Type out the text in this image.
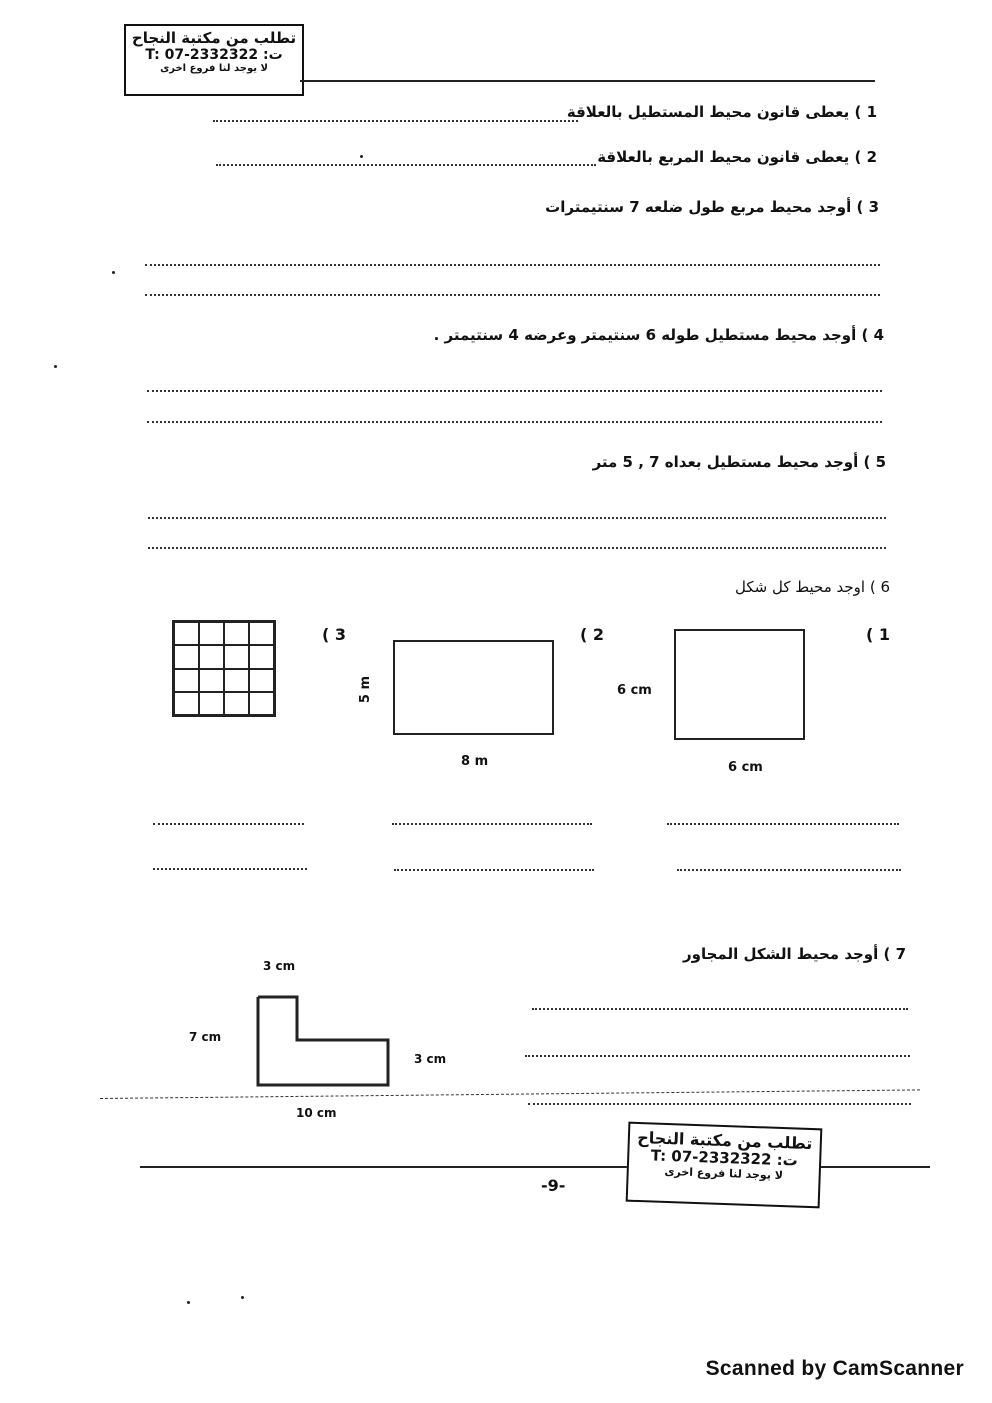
تطلب من مكتبة النجاح
T: 07-2332322 :ت
لا يوجد لنا فروع اخرى
1 ) يعطى قانون محيط المستطيل بالعلاقة
2 ) يعطى قانون محيط المربع بالعلاقة
3 ) أوجد محيط مربع طول ضلعه 7 سنتيمترات
4 ) أوجد محيط مستطيل طوله 6 سنتيمتر وعرضه 4 سنتيمتر .
5 ) أوجد محيط مستطيل بعداه 7 , 5 متر
6 ) اوجد محيط كل شكل
( 1
( 2
( 3
6 cm
6 cm
5 m
8 m
7 ) أوجد محيط الشكل المجاور
3 cm
7 cm
3 cm
10 cm
تطلب من مكتبة النجاح
T: 07-2332322 :ت
لا يوجد لنا فروع اخرى
-9-
Scanned by CamScanner
